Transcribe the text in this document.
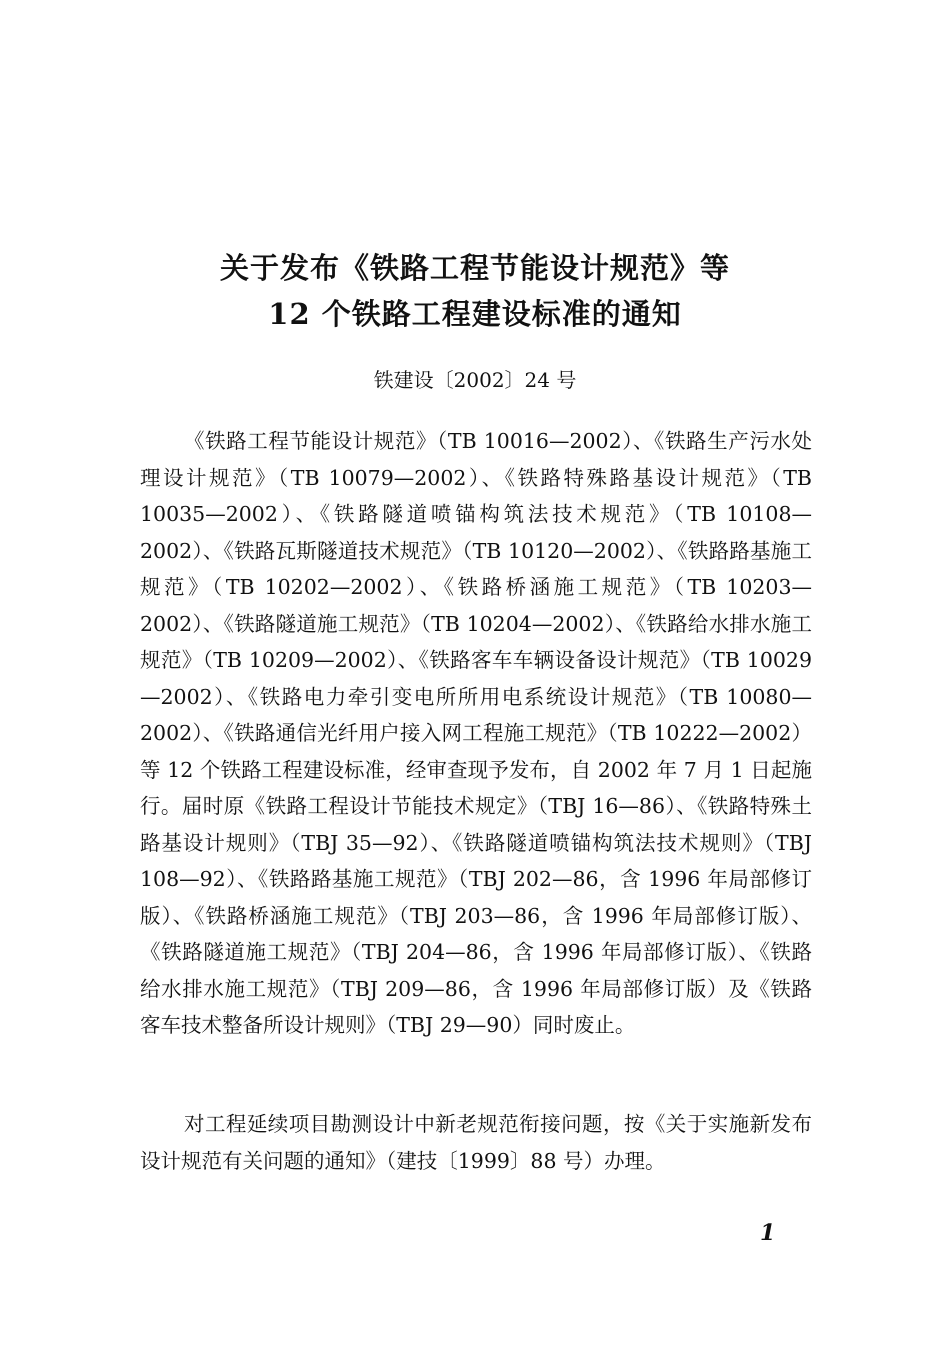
关于发布《铁路工程节能设计规范》等
12 个铁路工程建设标准的通知
铁建设〔2002〕24 号

《铁路工程节能设计规范》（TB 10016—2002）、《铁路生产污水处理设计规范》（TB 10079—2002）、《铁路特殊路基设计规范》（TB 10035—2002）、《铁路隧道喷锚构筑法技术规范》（TB 10108—2002）、《铁路瓦斯隧道技术规范》（TB 10120—2002）、《铁路路基施工规范》（TB 10202—2002）、《铁路桥涵施工规范》（TB 10203—2002）、《铁路隧道施工规范》（TB 10204—2002）、《铁路给水排水施工规范》（TB 10209—2002）、《铁路客车车辆设备设计规范》（TB 10029—2002）、《铁路电力牵引变电所所用电系统设计规范》（TB 10080—2002）、《铁路通信光纤用户接入网工程施工规范》（TB 10222—2002）等 12 个铁路工程建设标准，经审查现予发布，自 2002 年 7 月 1 日起施行。届时原《铁路工程设计节能技术规定》（TBJ 16—86）、《铁路特殊土路基设计规则》（TBJ 35—92）、《铁路隧道喷锚构筑法技术规则》（TBJ 108—92）、《铁路路基施工规范》（TBJ 202—86，含 1996 年局部修订版）、《铁路桥涵施工规范》（TBJ 203—86，含 1996 年局部修订版）、《铁路隧道施工规范》（TBJ 204—86，含 1996 年局部修订版）、《铁路给水排水施工规范》（TBJ 209—86，含 1996 年局部修订版）及《铁路客车技术整备所设计规则》（TBJ 29—90）同时废止。

对工程延续项目勘测设计中新老规范衔接问题，按《关于实施新发布设计规范有关问题的通知》（建技〔1999〕88 号）办理。

1
